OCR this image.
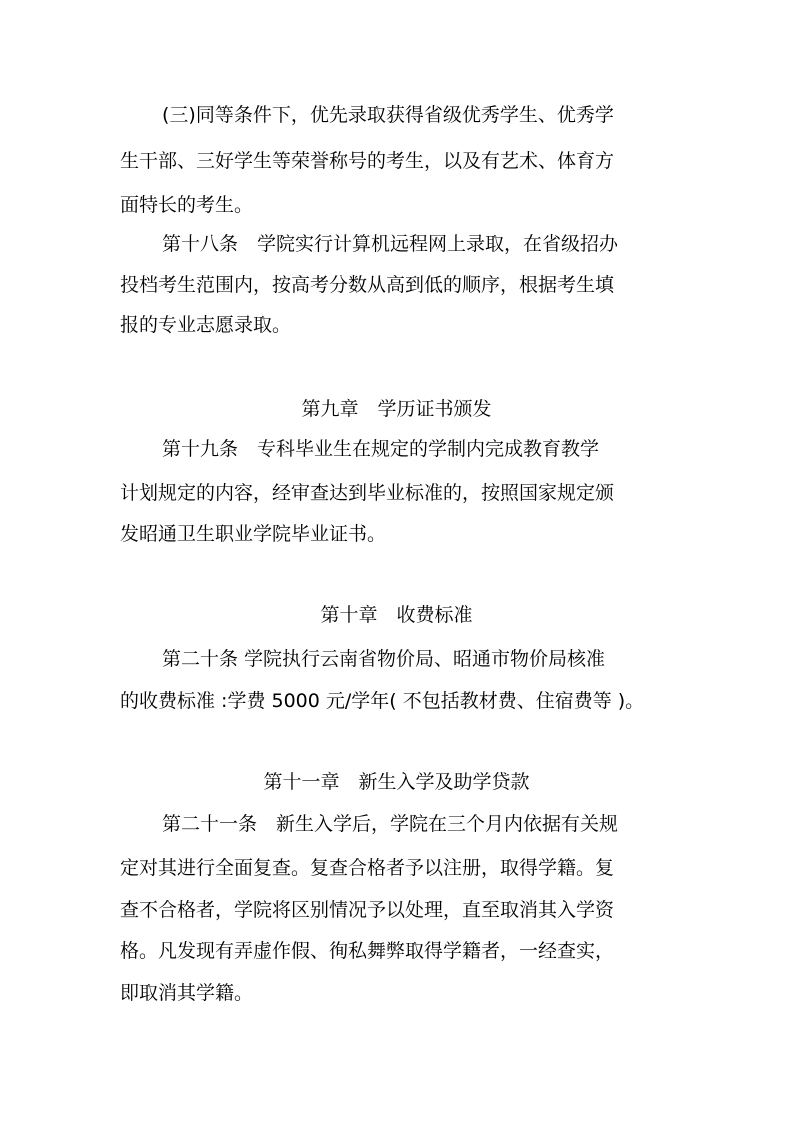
(三)同等条件下，优先录取获得省级优秀学生、优秀学

生干部、三好学生等荣誉称号的考生，以及有艺术、体育方

面特长的考生。

第十八条　学院实行计算机远程网上录取，在省级招办

投档考生范围内，按高考分数从高到低的顺序，根据考生填

报的专业志愿录取。

第九章　学历证书颁发

第十九条　专科毕业生在规定的学制内完成教育教学

计划规定的内容，经审查达到毕业标准的，按照国家规定颁

发昭通卫生职业学院毕业证书。

第十章　收费标准

第二十条 学院执行云南省物价局、昭通市物价局核准

的收费标准 :学费 5000 元/学年( 不包括教材费、住宿费等 )。

第十一章　新生入学及助学贷款

第二十一条　新生入学后，学院在三个月内依据有关规

定对其进行全面复查。复查合格者予以注册，取得学籍。复

查不合格者，学院将区别情况予以处理，直至取消其入学资

格。凡发现有弄虚作假、徇私舞弊取得学籍者，一经查实，

即取消其学籍。
